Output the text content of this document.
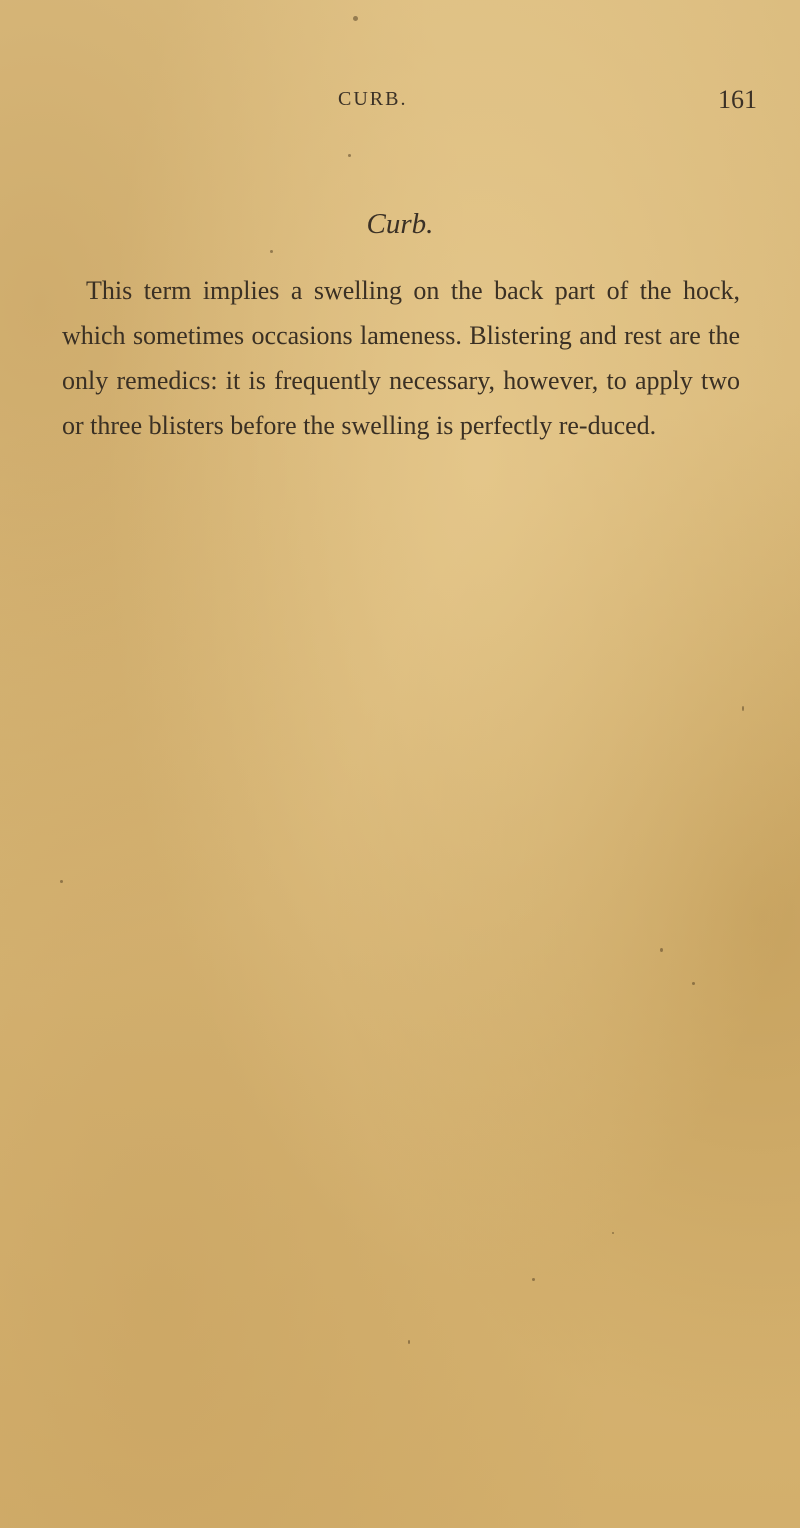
CURB.	161
Curb.

This term implies a swelling on the back part of the hock, which sometimes occasions lameness. Blistering and rest are the only remedics: it is frequently necessary, however, to apply two or three blisters before the swelling is perfectly re-duced.
